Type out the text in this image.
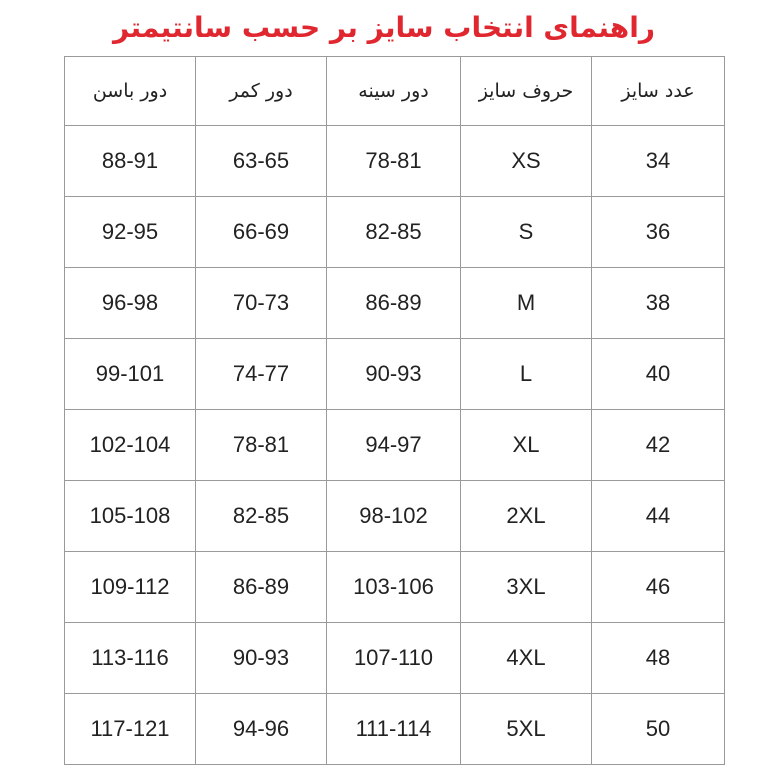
راهنمای انتخاب سایز بر حسب سانتیمتر
دور باسن	دور کمر	دور سینه	حروف سایز	عدد سایز
88-91	63-65	78-81	XS	34
92-95	66-69	82-85	S	36
96-98	70-73	86-89	M	38
99-101	74-77	90-93	L	40
102-104	78-81	94-97	XL	42
105-108	82-85	98-102	2XL	44
109-112	86-89	103-106	3XL	46
113-116	90-93	107-110	4XL	48
117-121	94-96	111-114	5XL	50
